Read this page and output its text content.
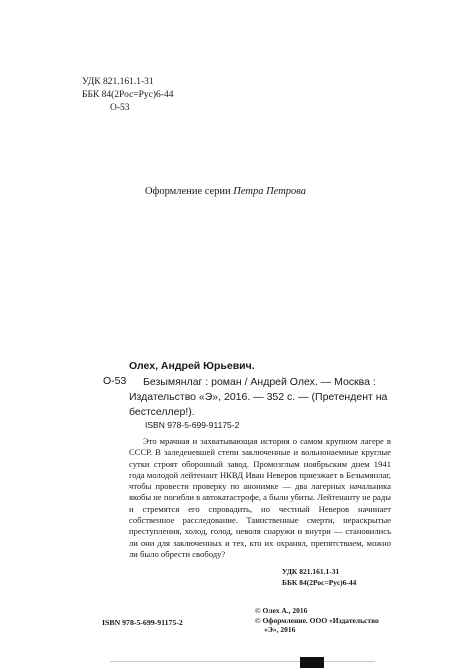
УДК 821.161.1-31
ББК 84(2Рос=Рус)6-44
О-53
Оформление серии Петра Петрова
Олех, Андрей Юрьевич.
О-53	Безымянлаг : роман / Андрей Олех. — Москва : Издательство «Э», 2016. — 352 с. — (Претендент на бестселлер!).

ISBN 978-5-699-91175-2

Это мрачная и захватывающая история о самом крупном лагере в СССР. В заледеневшей степи заключенные и вольнонаемные круглые сутки строят оборонный завод. Промозглым ноябрьским днем 1941 года молодой лейтенант НКВД Иван Неверов приезжает в Безымянлаг, чтобы провести проверку по анонимке — два лагерных начальника якобы не погибли в автокатастрофе, а были убиты. Лейтенанту не рады и стремятся его спровадить, но честный Неверов начинает собственное расследование. Таинственные смерти, нераскрытые преступления, холод, голод, неволя снаружи и внутри — становились ли они для заключенных и тех, кто их охранял, препятствием, можно ли было обрести свободу?

УДК 821.161.1-31
ББК 84(2Рос=Рус)6-44
© Олех А., 2016
© Оформление. ООО «Издательство
«Э», 2016
ISBN 978-5-699-91175-2
